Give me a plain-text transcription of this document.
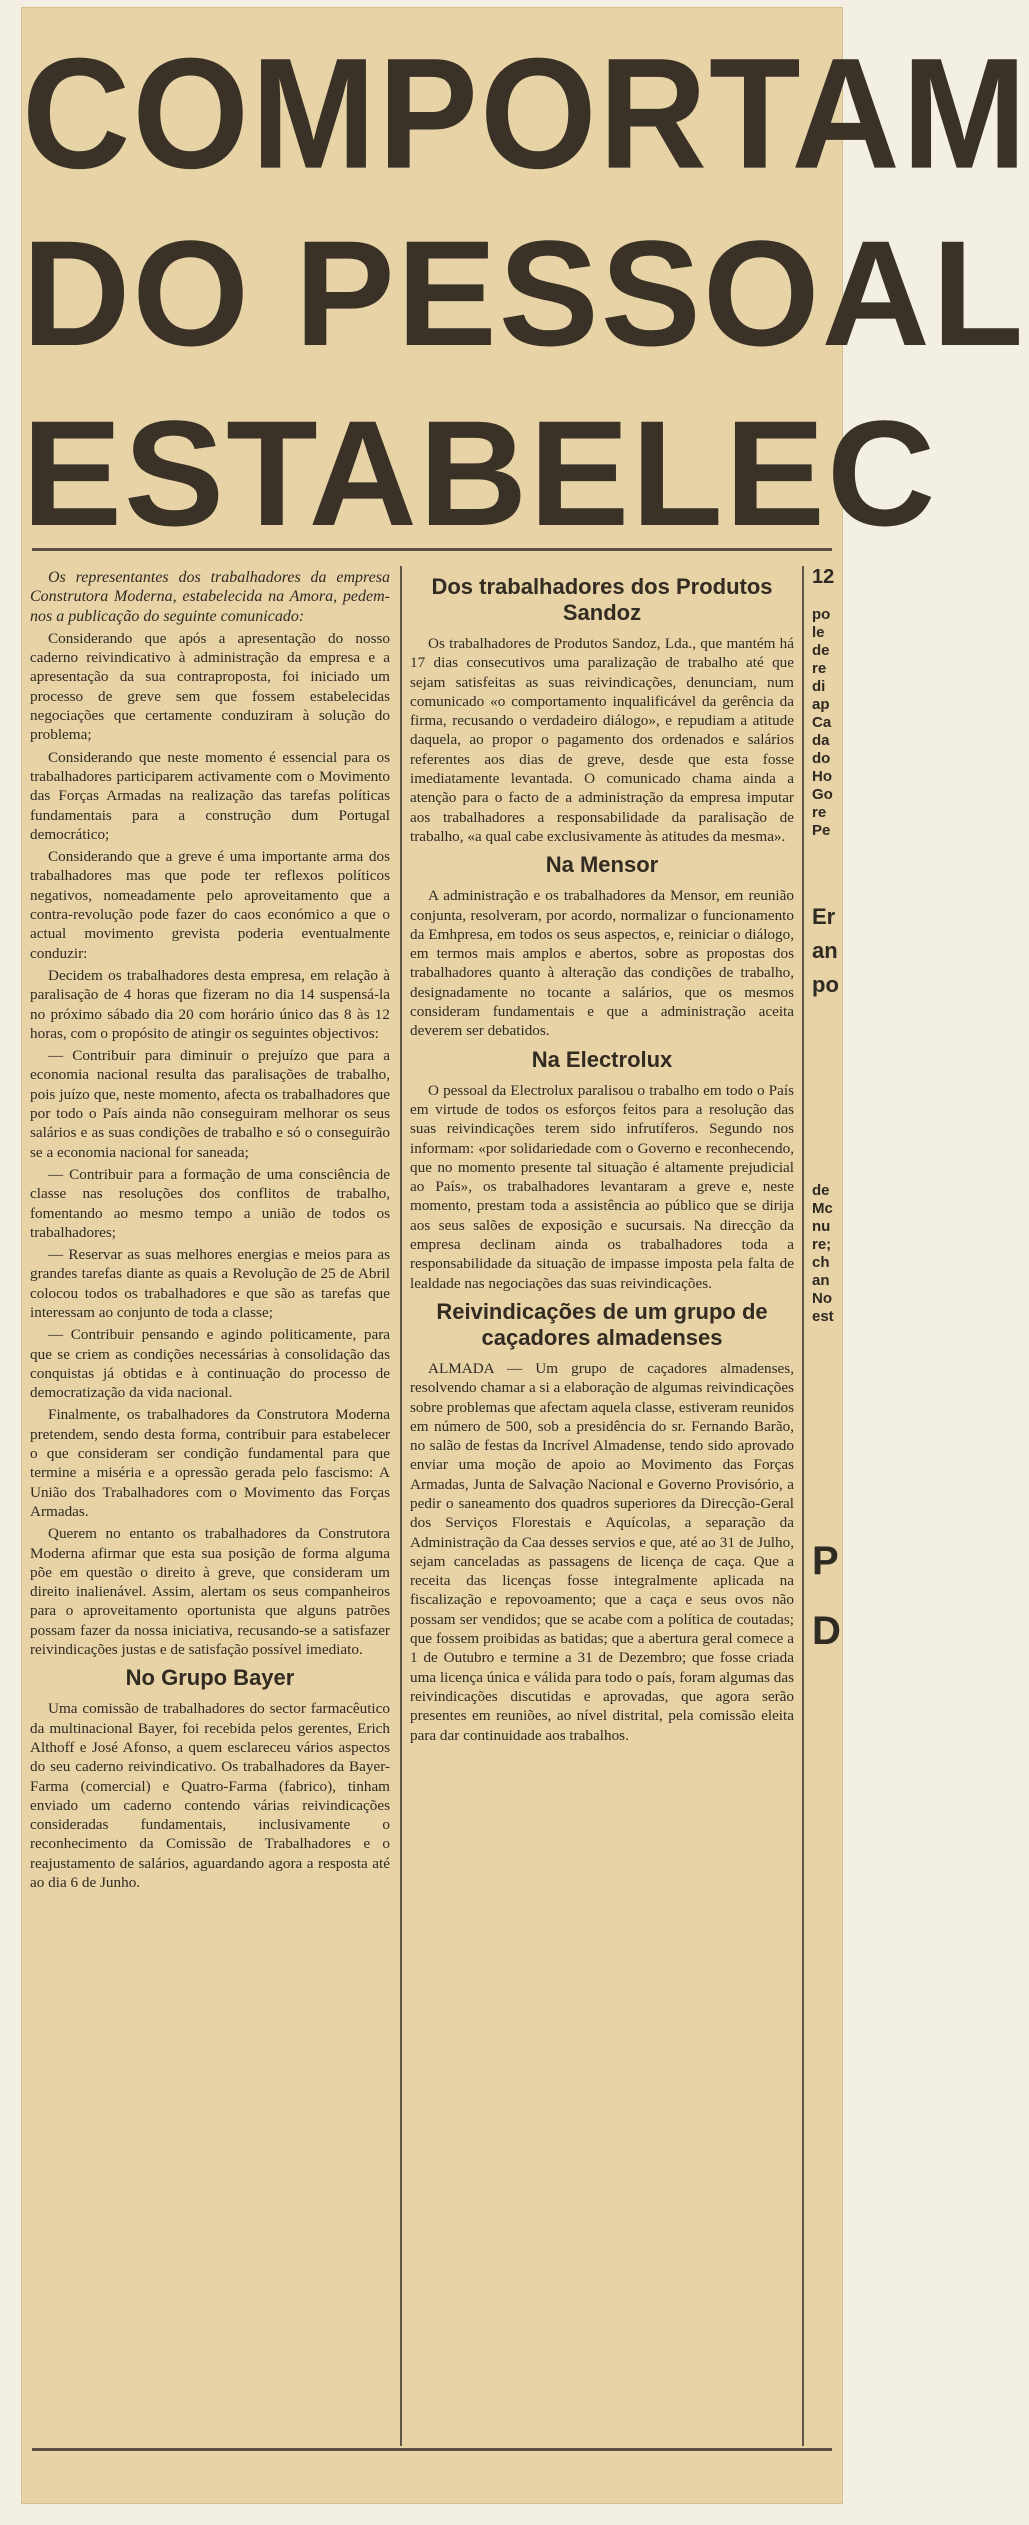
COMPORTAM
DO PESSOAL
ESTABELEC

Os representantes dos trabalhadores da empresa Construtora Moderna, estabelecida na Amora, pedem-nos a publicação do seguinte comunicado:

Considerando que após a apresentação do nosso caderno reivindicativo à administração da empresa e a apresentação da sua contraproposta, foi iniciado um processo de greve sem que fossem estabelecidas negociações que certamente conduziram à solução do problema;

Considerando que neste momento é essencial para os trabalhadores participarem activamente com o Movimento das Forças Armadas na realização das tarefas políticas fundamentais para a construção dum Portugal democrático;

Considerando que a greve é uma importante arma dos trabalhadores mas que pode ter reflexos políticos negativos, nomeadamente pelo aproveitamento que a contra-revolução pode fazer do caos económico a que o actual movimento grevista poderia eventualmente conduzir:

Decidem os trabalhadores desta empresa, em relação à paralisação de 4 horas que fizeram no dia 14 suspensá-la no próximo sábado dia 20 com horário único das 8 às 12 horas, com o propósito de atingir os seguintes objectivos:

— Contribuir para diminuir o prejuízo que para a economia nacional resulta das paralisações de trabalho, pois juízo que, neste momento, afecta os trabalhadores que por todo o País ainda não conseguiram melhorar os seus salários e as suas condições de trabalho e só o conseguirão se a economia nacional for saneada;

— Contribuir para a formação de uma consciência de classe nas resoluções dos conflitos de trabalho, fomentando ao mesmo tempo a união de todos os trabalhadores;

— Reservar as suas melhores energias e meios para as grandes tarefas diante as quais a Revolução de 25 de Abril colocou todos os trabalhadores e que são as tarefas que interessam ao conjunto de toda a classe;

— Contribuir pensando e agindo politicamente, para que se criem as condições necessárias à consolidação das conquistas já obtidas e à continuação do processo de democratização da vida nacional.

Finalmente, os trabalhadores da Construtora Moderna pretendem, sendo desta forma, contribuir para estabelecer o que consideram ser condição fundamental para que termine a miséria e a opressão gerada pelo fascismo: A União dos Trabalhadores com o Movimento das Forças Armadas.

Querem no entanto os trabalhadores da Construtora Moderna afirmar que esta sua posição de forma alguma põe em questão o direito à greve, que consideram um direito inalienável. Assim, alertam os seus companheiros para o aproveitamento oportunista que alguns patrões possam fazer da nossa iniciativa, recusando-se a satisfazer reivindicações justas e de satisfação possível imediato.

No Grupo Bayer

Uma comissão de trabalhadores do sector farmacêutico da multinacional Bayer, foi recebida pelos gerentes, Erich Althoff e José Afonso, a quem esclareceu vários aspectos do seu caderno reivindicativo. Os trabalhadores da Bayer-Farma (comercial) e Quatro-Farma (fabrico), tinham enviado um caderno contendo várias reivindicações consideradas fundamentais, inclusivamente o reconhecimento da Comissão de Trabalhadores e o reajustamento de salários, aguardando agora a resposta até ao dia 6 de Junho.

Dos trabalhadores dos Produtos Sandoz

Os trabalhadores de Produtos Sandoz, Lda., que mantém há 17 dias consecutivos uma paralização de trabalho até que sejam satisfeitas as suas reivindicações, denunciam, num comunicado «o comportamento inqualificável da gerência da firma, recusando o verdadeiro diálogo», e repudiam a atitude daquela, ao propor o pagamento dos ordenados e salários referentes aos dias de greve, desde que esta fosse imediatamente levantada. O comunicado chama ainda a atenção para o facto de a administração da empresa imputar aos trabalhadores a responsabilidade da paralisação de trabalho, «a qual cabe exclusivamente às atitudes da mesma».

Na Mensor

A administração e os trabalhadores da Mensor, em reunião conjunta, resolveram, por acordo, normalizar o funcionamento da Emhpresa, em todos os seus aspectos, e, reiniciar o diálogo, em termos mais amplos e abertos, sobre as propostas dos trabalhadores quanto à alteração das condições de trabalho, designadamente no tocante a salários, que os mesmos consideram fundamentais e que a administração aceita deverem ser debatidos.

Na Electrolux

O pessoal da Electrolux paralisou o trabalho em todo o País em virtude de todos os esforços feitos para a resolução das suas reivindicações terem sido infrutíferos. Segundo nos informam: «por solidariedade com o Governo e reconhecendo, que no momento presente tal situação é altamente prejudicial ao País», os trabalhadores levantaram a greve e, neste momento, prestam toda a assistência ao público que se dirija aos seus salões de exposição e sucursais. Na direcção da empresa declinam ainda os trabalhadores toda a responsabilidade da situação de impasse imposta pela falta de lealdade nas negociações das suas reivindicações.

Reivindicações de um grupo de caçadores almadenses

ALMADA — Um grupo de caçadores almadenses, resolvendo chamar a si a elaboração de algumas reivindicações sobre problemas que afectam aquela classe, estiveram reunidos em número de 500, sob a presidência do sr. Fernando Barão, no salão de festas da Incrível Almadense, tendo sido aprovado enviar uma moção de apoio ao Movimento das Forças Armadas, Junta de Salvação Nacional e Governo Provisório, a pedir o saneamento dos quadros superiores da Direcção-Geral dos Serviços Florestais e Aquícolas, a separação da Administração da Caa desses servios e que, até ao 31 de Julho, sejam canceladas as passagens de licença de caça. Que a receita das licenças fosse integralmente aplicada na fiscalização e repovoamento; que a caça e seus ovos não possam ser vendidos; que se acabe com a política de coutadas; que fossem proibidas as batidas; que a abertura geral comece a 1 de Outubro e termine a 31 de Dezembro; que fosse criada uma licença única e válida para todo o país, foram algumas das reivindicações discutidas e aprovadas, que agora serão presentes em reuniões, ao nível distrital, pela comissão eleita para dar continuidade aos trabalhos.

12
po le de re di ap Ca da do Ho Go re Pe
Er an po
de Mc nu re; ch an No est
P D
